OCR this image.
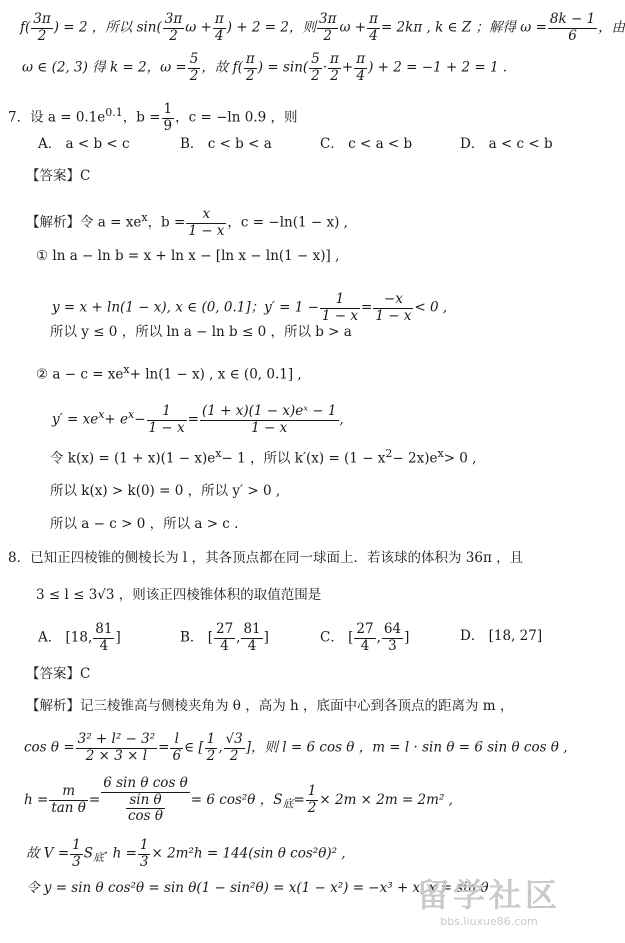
$f( \frac{3\pi}{2}$ ) = 2 ，所以 $\sin( \frac{3\pi}{2}$ $\omega + \frac{\pi}{4}$ ) + 2 = 2，则 $\frac{3\pi}{2}$ $\omega + \frac{\pi}{4} = 2k\pi$ , k ∈ Z ；解得 $\omega = \frac{8k - 1}{6}$ ，由
ω ∈ (2, 3) 得 k = 2，$\omega = \frac{5}{2}$ ，故 $f( \frac{\pi}{2}$ ) = $\sin( \frac{5}{2} \cdot \frac{\pi}{2} + \frac{\pi}{4}$ ) + 2 = −1 + 2 = 1 .
7．设 $a = 0.1e^{0.1}$，$b = \frac{1}{9}$ ，c = −ln 0.9 ，则
A． a < b < c	B． c < b < a	C． c < a < b	D． a < c < b
【答案】C
【解析】令 $a = xe^x$，$b = \frac{x}{1 - x}$ ，c = −ln(1 − x) ,
① ln a − ln b = x + ln x − [ln x − ln(1 − x)] ,
y = x + ln(1 − x), x ∈ (0, 0.1]；$y' = 1 - \frac{1}{1 - x} = \frac{-x}{1 - x} < 0$ ,
所以 y ≤ 0 ，所以 ln a − ln b ≤ 0 ，所以 b > a
② $a - c = xe^x+ \ln(1 - x)$ , x ∈ (0, 0.1] ,
$y' = xe^x+ e^x- \frac{1}{1 - x} = \frac{\text{(1 + x)(1 − x)eˣ − 1}}{1 - x}$ ,
令 $k(x) = (1 + x)(1 - x)e^x- 1$ ，所以 $k'(x) = (1 - x^2- 2x)e^x> 0$ ,
所以 k(x) > k(0) = 0 ，所以 y′ > 0 ,
所以 a − c > 0 ，所以 a > c .
8．已知正四棱锥的侧棱长为 l ，其各顶点都在同一球面上．若该球的体积为 36π ，且
3 ≤ l ≤ 3√3 ，则该正四棱锥体积的取值范围是
A． [18, $\frac{81}{4}$ ]	B． [ $\frac{27}{4}$ , $\frac{81}{4}$ ]	C． [ $\frac{27}{4}$ , $\frac{64}{3}$ ]	D． [18, 27]
【答案】C
【解析】记三棱锥高与侧棱夹角为 θ ，高为 h ，底面中心到各顶点的距离为 m ，
$\cos \theta = \frac{\text{3² + l² − 3²}}{2 \times 3 \times l} = \frac{l}{6}$ ∈ [ $\frac{1}{2}$ , $\frac{√3}{2}$ ]，则 l = 6 cos θ ，m = l · sin θ = 6 sin θ cos θ ,
$h = \frac{m}{\text{tan θ}} = \frac{\text{6 sin θ cos θ}}{\frac{\text{sin θ}}{\text{cos θ}}} = 6$ cos²θ ，$S_底= \frac{1}{2} \times 2m \times 2m = 2m^2$ ,
故 $V = \frac{1}{3} S_底\cdot h = \frac{1}{3} \times 2m^2h = 144(\sin$ θ cos²θ)² ,
令 y = sin θ cos²θ = sin θ(1 − sin²θ) = x(1 − x²) = −x³ + x, x = sin θ
留学社区
bbs.liuxue86.com
